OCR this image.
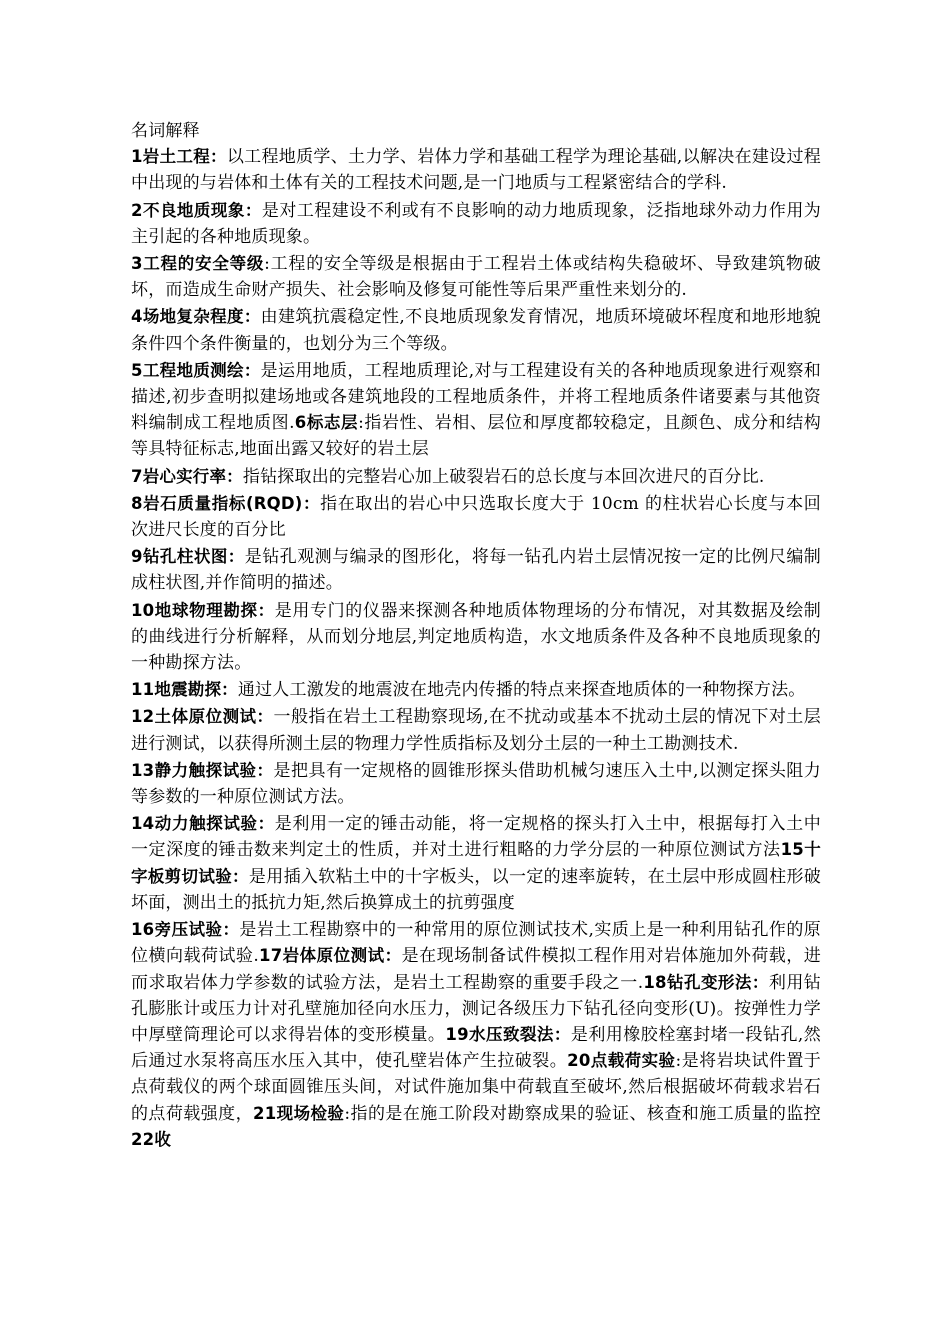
名词解释

1岩土工程：以工程地质学、土力学、岩体力学和基础工程学为理论基础,以解决在建设过程中出现的与岩体和土体有关的工程技术问题,是一门地质与工程紧密结合的学科.

2不良地质现象：是对工程建设不利或有不良影响的动力地质现象，泛指地球外动力作用为主引起的各种地质现象。

3工程的安全等级:工程的安全等级是根据由于工程岩土体或结构失稳破坏、导致建筑物破坏，而造成生命财产损失、社会影响及修复可能性等后果严重性来划分的.

4场地复杂程度：由建筑抗震稳定性,不良地质现象发育情况，地质环境破坏程度和地形地貌条件四个条件衡量的，也划分为三个等级。

5工程地质测绘：是运用地质，工程地质理论,对与工程建设有关的各种地质现象进行观察和描述,初步查明拟建场地或各建筑地段的工程地质条件，并将工程地质条件诸要素与其他资料编制成工程地质图.6标志层:指岩性、岩相、层位和厚度都较稳定，且颜色、成分和结构等具特征标志,地面出露又较好的岩土层

7岩心实行率：指钻探取出的完整岩心加上破裂岩石的总长度与本回次进尺的百分比.

8岩石质量指标(RQD)：指在取出的岩心中只选取长度大于 10cm 的柱状岩心长度与本回次进尺长度的百分比

9钻孔柱状图：是钻孔观测与编录的图形化，将每一钻孔内岩土层情况按一定的比例尺编制成柱状图,并作简明的描述。

10地球物理勘探：是用专门的仪器来探测各种地质体物理场的分布情况，对其数据及绘制的曲线进行分析解释，从而划分地层,判定地质构造，水文地质条件及各种不良地质现象的一种勘探方法。

11地震勘探：通过人工激发的地震波在地壳内传播的特点来探查地质体的一种物探方法。

12土体原位测试：一般指在岩土工程勘察现场,在不扰动或基本不扰动土层的情况下对土层进行测试，以获得所测土层的物理力学性质指标及划分土层的一种土工勘测技术.

13静力触探试验：是把具有一定规格的圆锥形探头借助机械匀速压入土中,以测定探头阻力等参数的一种原位测试方法。

14动力触探试验：是利用一定的锤击动能，将一定规格的探头打入土中，根据每打入土中一定深度的锤击数来判定土的性质，并对土进行粗略的力学分层的一种原位测试方法15十字板剪切试验：是用插入软粘土中的十字板头，以一定的速率旋转，在土层中形成圆柱形破坏面，测出土的抵抗力矩,然后换算成土的抗剪强度

16旁压试验：是岩土工程勘察中的一种常用的原位测试技术,实质上是一种利用钻孔作的原位横向载荷试验.17岩体原位测试：是在现场制备试件模拟工程作用对岩体施加外荷载，进而求取岩体力学参数的试验方法，是岩土工程勘察的重要手段之一.18钻孔变形法：利用钻孔膨胀计或压力计对孔壁施加径向水压力，测记各级压力下钻孔径向变形(U)。按弹性力学中厚壁筒理论可以求得岩体的变形模量。19水压致裂法：是利用橡胶栓塞封堵一段钻孔,然后通过水泵将高压水压入其中，使孔壁岩体产生拉破裂。20点载荷实验:是将岩块试件置于点荷载仪的两个球面圆锥压头间，对试件施加集中荷载直至破坏,然后根据破坏荷载求岩石的点荷载强度，21现场检验:指的是在施工阶段对勘察成果的验证、核查和施工质量的监控22收
